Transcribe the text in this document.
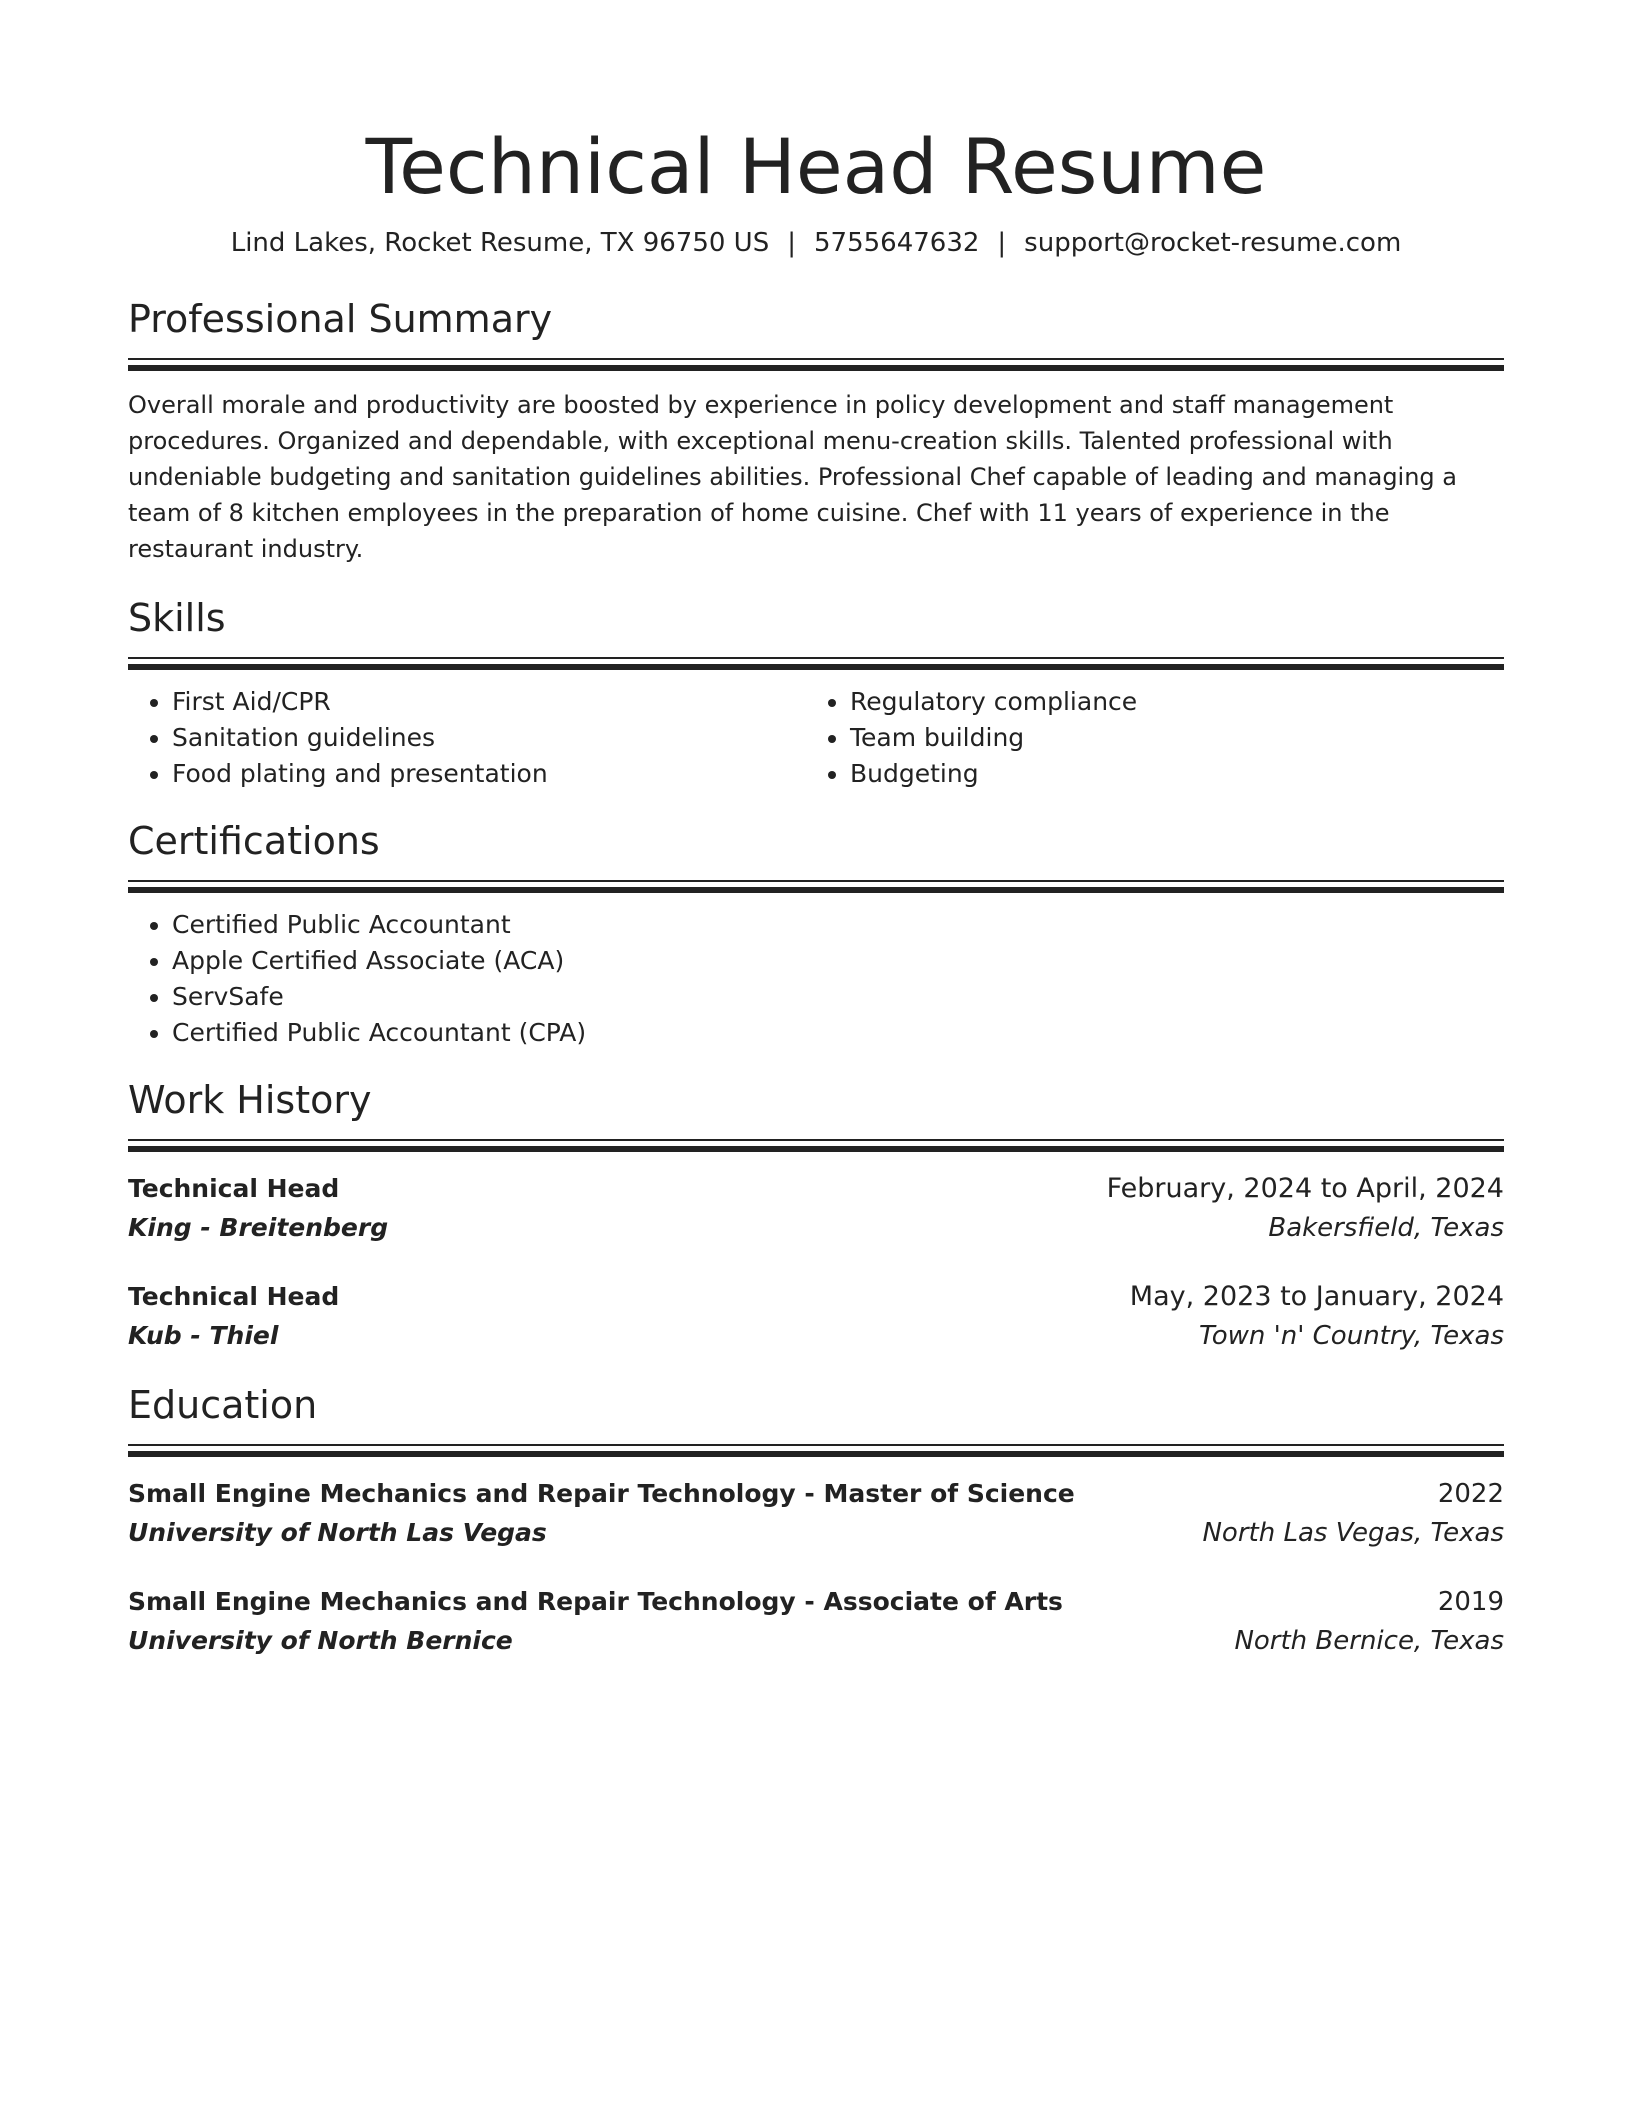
Technical Head Resume
Lind Lakes, Rocket Resume, TX 96750 US | 5755647632 | support@rocket-resume.com
Professional Summary
Overall morale and productivity are boosted by experience in policy development and staff management procedures. Organized and dependable, with exceptional menu-creation skills. Talented professional with undeniable budgeting and sanitation guidelines abilities. Professional Chef capable of leading and managing a team of 8 kitchen employees in the preparation of home cuisine. Chef with 11 years of experience in the restaurant industry.
Skills
• First Aid/CPR
• Sanitation guidelines
• Food plating and presentation
• Regulatory compliance
• Team building
• Budgeting
Certifications
• Certified Public Accountant
• Apple Certified Associate (ACA)
• ServSafe
• Certified Public Accountant (CPA)
Work History
Technical Head	February, 2024 to April, 2024
King - Breitenberg	Bakersfield, Texas
Technical Head	May, 2023 to January, 2024
Kub - Thiel	Town 'n' Country, Texas
Education
Small Engine Mechanics and Repair Technology - Master of Science	2022
University of North Las Vegas	North Las Vegas, Texas
Small Engine Mechanics and Repair Technology - Associate of Arts	2019
University of North Bernice	North Bernice, Texas
